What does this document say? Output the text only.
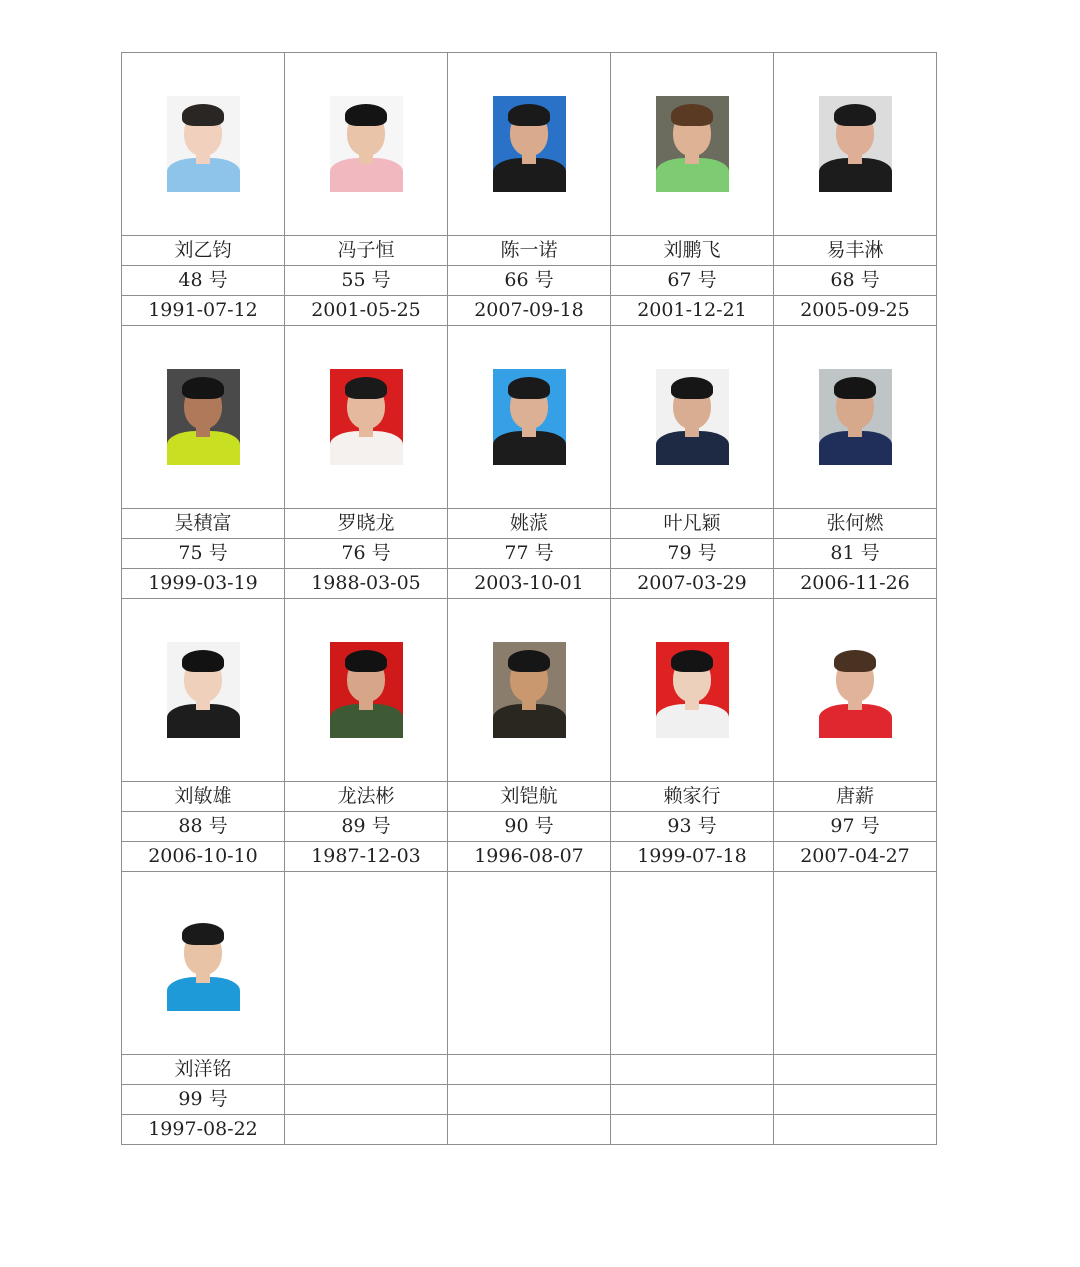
刘乙钧	冯子恒	陈一诺	刘鹏飞	易丰淋
48 号	55 号	66 号	67 号	68 号
1991-07-12	2001-05-25	2007-09-18	2001-12-21	2005-09-25

吴積富	罗晓龙	姚蒎	叶凡颖	张何燃
75 号	76 号	77 号	79 号	81 号
1999-03-19	1988-03-05	2003-10-01	2007-03-29	2006-11-26

刘敏雄	龙法彬	刘铠航	赖家行	唐薪
88 号	89 号	90 号	93 号	97 号
2006-10-10	1987-12-03	1996-08-07	1999-07-18	2007-04-27

刘洋铭				
99 号				
1997-08-22				
